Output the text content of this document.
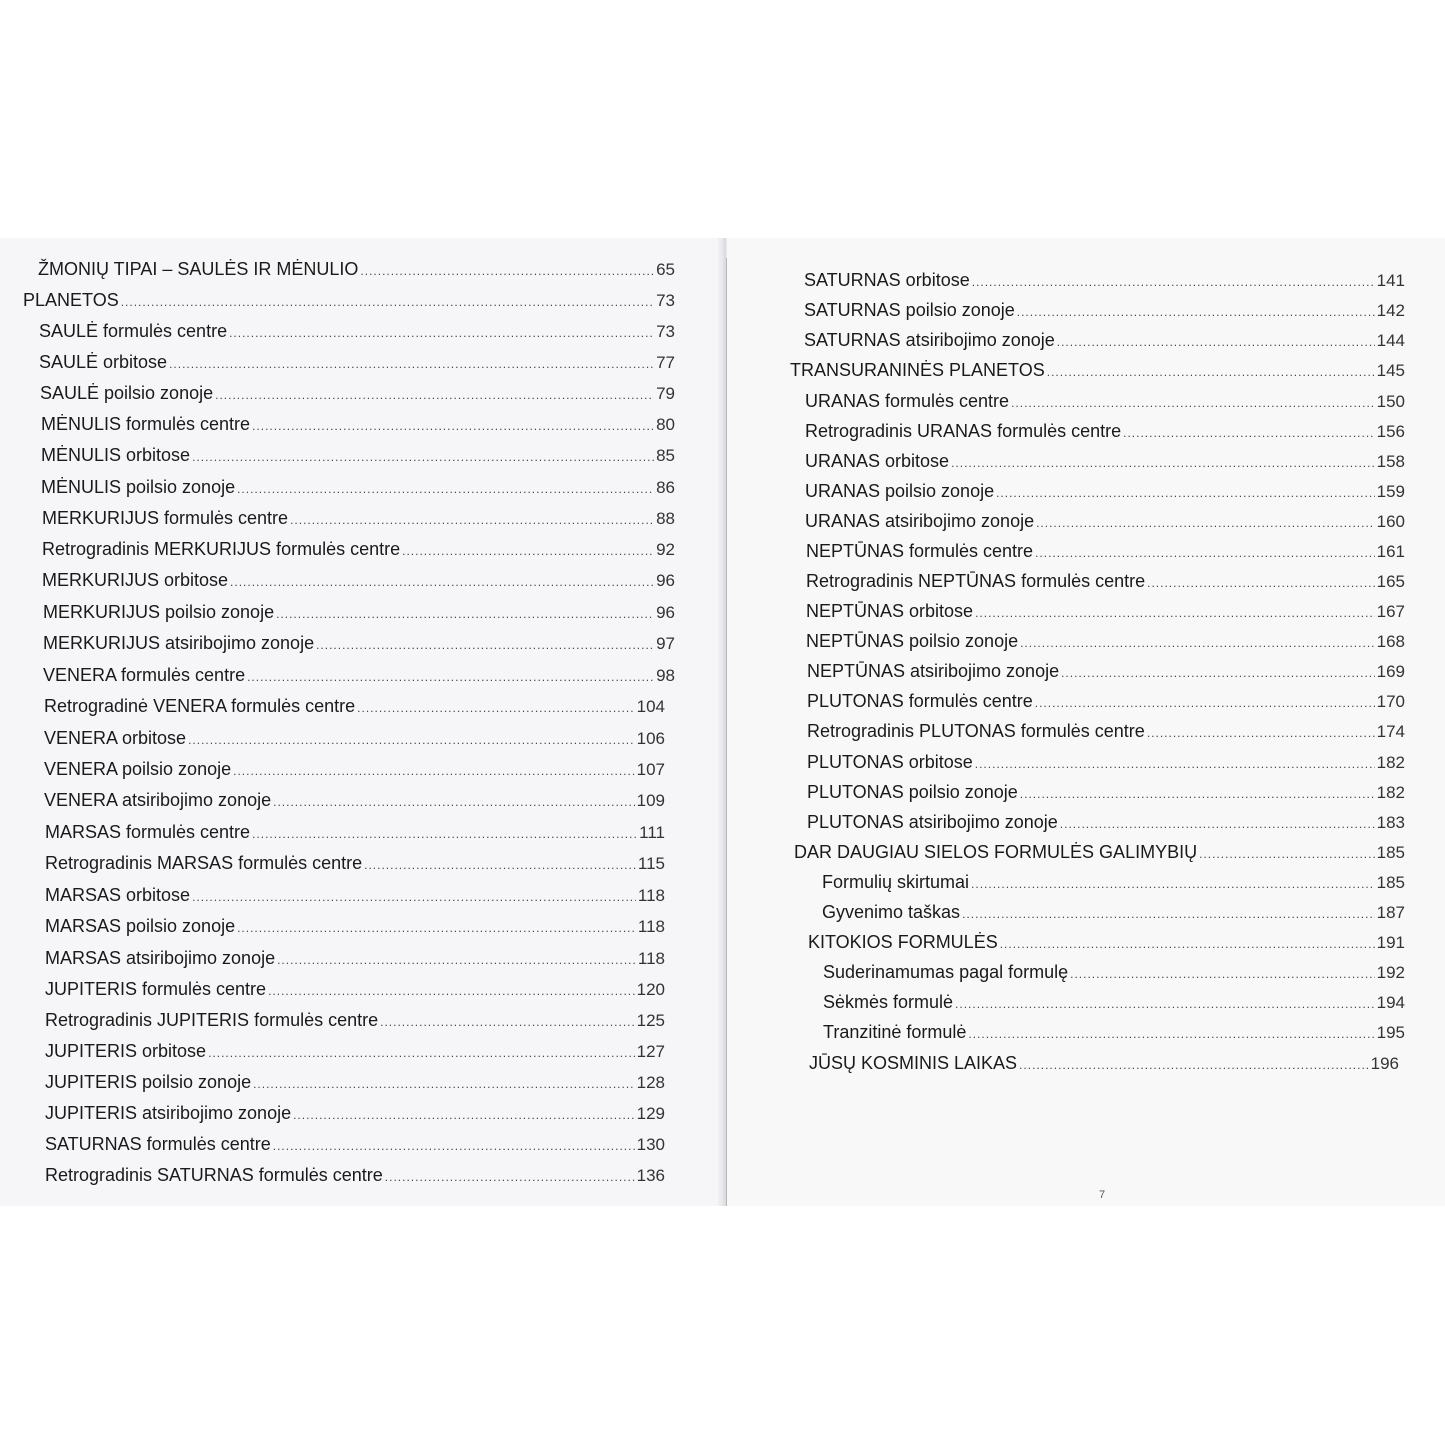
ŽMONIŲ TIPAI – SAULĖS IR MĖNULIO .....	65
PLANETOS .....	73
SAULĖ formulės centre .....	73
SAULĖ orbitose .....	77
SAULĖ poilsio zonoje .....	79
MĖNULIS formulės centre .....	80
MĖNULIS orbitose .....	85
MĖNULIS poilsio zonoje .....	86
MERKURIJUS formulės centre .....	88
Retrogradinis MERKURIJUS formulės centre .....	92
MERKURIJUS orbitose .....	96
MERKURIJUS poilsio zonoje .....	96
MERKURIJUS atsiribojimo zonoje .....	97
VENERA formulės centre .....	98
Retrogradinė VENERA formulės centre .....	104
VENERA orbitose .....	106
VENERA poilsio zonoje .....	107
VENERA atsiribojimo zonoje .....	109
MARSAS formulės centre .....	111
Retrogradinis MARSAS formulės centre .....	115
MARSAS orbitose .....	118
MARSAS poilsio zonoje .....	118
MARSAS atsiribojimo zonoje .....	118
JUPITERIS formulės centre .....	120
Retrogradinis JUPITERIS formulės centre .....	125
JUPITERIS orbitose .....	127
JUPITERIS poilsio zonoje .....	128
JUPITERIS atsiribojimo zonoje .....	129
SATURNAS formulės centre .....	130
Retrogradinis SATURNAS formulės centre .....	136
SATURNAS orbitose .....	141
SATURNAS poilsio zonoje .....	142
SATURNAS atsiribojimo zonoje .....	144
TRANSURANINĖS PLANETOS .....	145
URANAS formulės centre .....	150
Retrogradinis URANAS formulės centre .....	156
URANAS orbitose .....	158
URANAS poilsio zonoje .....	159
URANAS atsiribojimo zonoje .....	160
NEPTŪNAS formulės centre .....	161
Retrogradinis NEPTŪNAS formulės centre .....	165
NEPTŪNAS orbitose .....	167
NEPTŪNAS poilsio zonoje .....	168
NEPTŪNAS atsiribojimo zonoje .....	169
PLUTONAS formulės centre .....	170
Retrogradinis PLUTONAS formulės centre .....	174
PLUTONAS orbitose .....	182
PLUTONAS poilsio zonoje .....	182
PLUTONAS atsiribojimo zonoje .....	183
DAR DAUGIAU SIELOS FORMULĖS GALIMYBIŲ .....	185
Formulių skirtumai .....	185
Gyvenimo taškas .....	187
KITOKIOS FORMULĖS .....	191
Suderinamumas pagal formulę .....	192
Sėkmės formulė .....	194
Tranzitinė formulė .....	195
JŪSŲ KOSMINIS LAIKAS .....	196
7
